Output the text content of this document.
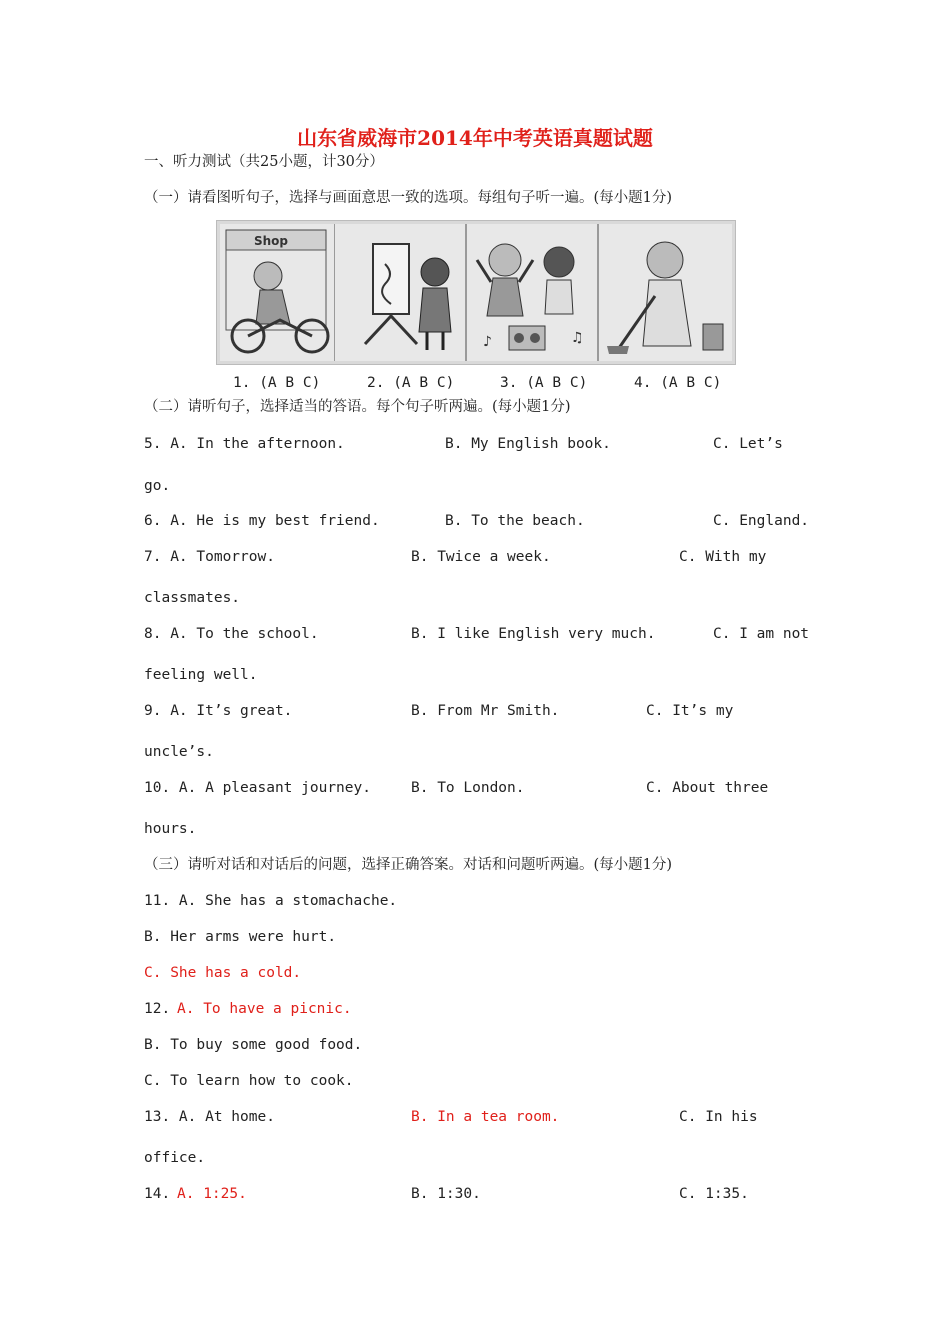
山东省威海市2014年中考英语真题试题
一、听力测试（共25小题，计30分）
（一）请看图听句子，选择与画面意思一致的选项。每组句子听一遍。(每小题1分)
Shop
♪	♫
1. (A B C)	2. (A B C)	3. (A B C)	4. (A B C)
（二）请听句子，选择适当的答语。每个句子听两遍。(每小题1分)
5. A. In the afternoon.	B. My English book.	C. Let’s
go.
6. A. He is my best friend.	B. To the beach.	C. England.
7. A. Tomorrow.	B. Twice a week.	C. With my
classmates.
8. A. To the school.	B. I like English very much.	C. I am not
feeling well.
9. A. It’s great.	B. From Mr Smith.	C. It’s my
uncle’s.
10. A. A pleasant journey.	B. To London.	C. About three
hours.
（三）请听对话和对话后的问题，选择正确答案。对话和问题听两遍。(每小题1分)
11. A. She has a stomachache.
B. Her arms were hurt.
C. She has a cold.
12. A. To have a picnic.
B. To buy some good food.
C. To learn how to cook.
13. A. At home.	B. In a tea room.	C. In his
office.
14. A. 1:25.	B. 1:30.	C. 1:35.
